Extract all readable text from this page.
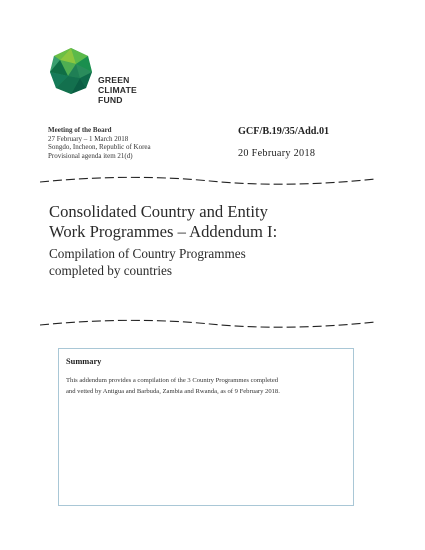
GREEN
CLIMATE
FUND
Meeting of the Board
27 February – 1 March 2018
Songdo, Incheon, Republic of Korea
Provisional agenda item 21(d)
GCF/B.19/35/Add.01
20 February 2018
Consolidated Country and Entity
Work Programmes – Addendum I:
Compilation of Country Programmes
completed by countries
Summary
This addendum provides a compilation of the 3 Country Programmes completed
and vetted by Antigua and Barbuda, Zambia and Rwanda, as of 9 February 2018.
